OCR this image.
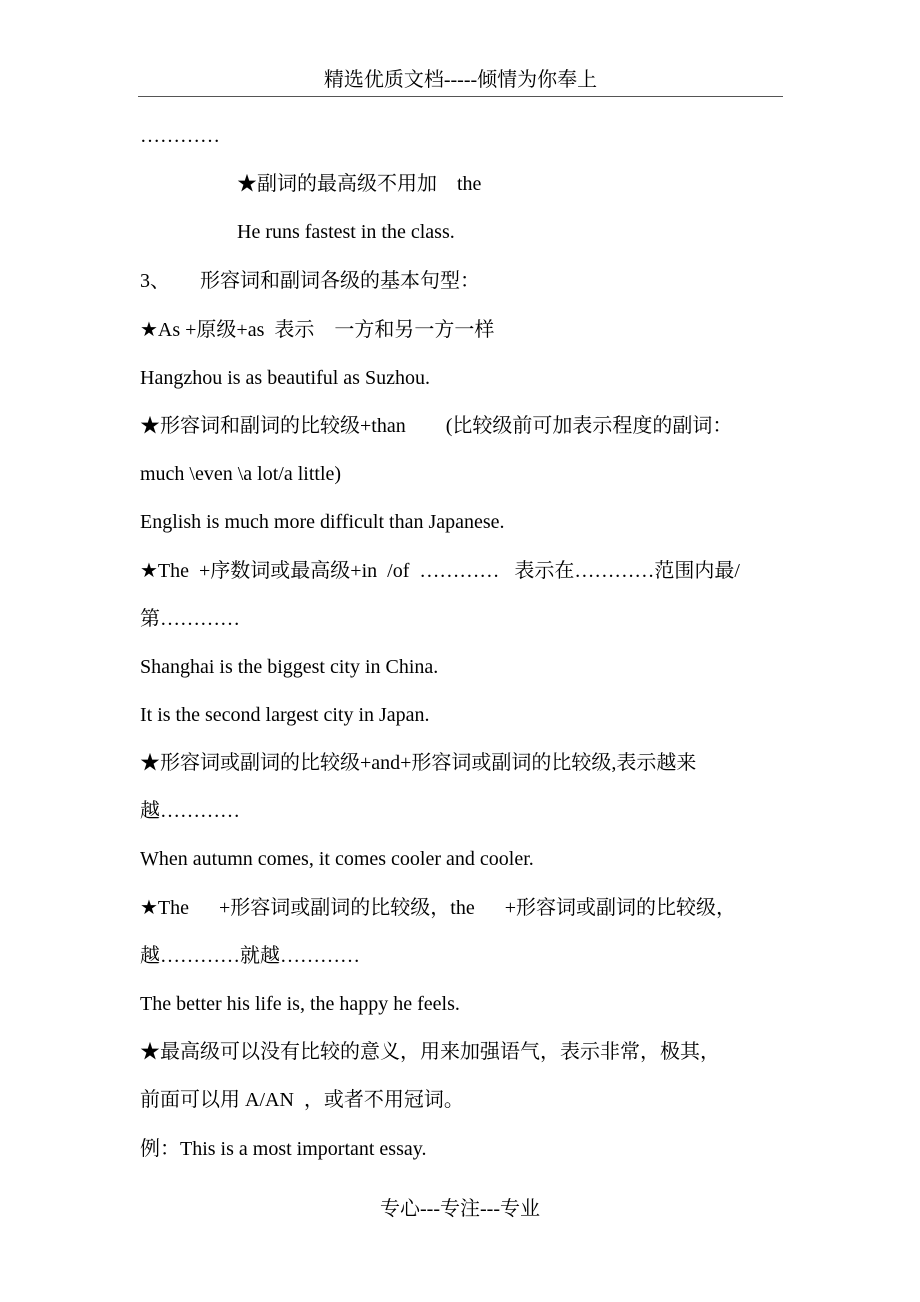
精选优质文档-----倾情为你奉上
…………
★副词的最高级不用加    the
He runs fastest in the class.
3、      形容词和副词各级的基本句型：
★As +原级+as  表示    一方和另一方一样
Hangzhou is as beautiful as Suzhou.
★形容词和副词的比较级+than        (比较级前可加表示程度的副词：
much \even \a lot/a little)
English is much more difficult than Japanese.
★The  +序数词或最高级+in  /of  …………   表示在…………范围内最/
第…………
Shanghai is the biggest city in China.
It is the second largest city in Japan.
★形容词或副词的比较级+and+形容词或副词的比较级,表示越来
越…………
When autumn comes, it comes cooler and cooler.
★The      +形容词或副词的比较级，the      +形容词或副词的比较级，
越…………就越…………
The better his life is, the happy he feels.
★最高级可以没有比较的意义，用来加强语气，表示非常，极其，
前面可以用 A/AN  ，或者不用冠词。
例：This is a most important essay.
专心---专注---专业
